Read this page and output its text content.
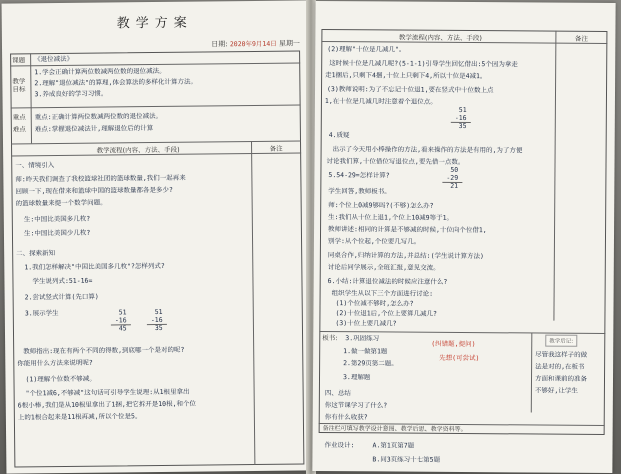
教学方案
日期: 2020年9月14日 星期一
课题 《退位减法》
教学目标
1.学会正确计算两位数减两位数的退位减法。
2.理解"退位减法"的算理,体会算法的多样化计算方法。
3.养成良好的学习习惯。
重点
难点
重点:正确计算两位数减两位数的退位减法。
难点:掌握退位减法计,理解退位后的计算
教学流程(内容、方法、手段)	备注
一、情境引入
师:昨天我们调查了我校篮球社团的篮球数量,我们一起再来
回顾一下,现在借来和篮球中国的篮球数量都各是多少?
的篮球数量来提一个数学问题。
生:中国比美国多几枚?
生:中国比美国少几枚?
二、探索新知
1.我们怎样解决"中国比美国多几枚"?怎样列式?
学生说列式:51-16=
2.尝试竖式计算(先口算)
3.展示学生	51
-16
45
51
-16
35
教师指出:现在有两个不同的得数,到底哪一个是对的呢?
你能用什么方法来说明呢?
(1)理解个位数不够减。
"个位1减6,不够减"这句话可引导学生说理:从1根里拿出
6根小棒,我们是从10根里拿出了1捆,把它拆开是10根,和个位
上的1根合起来是11根再减,所以个位是5。
教学流程(内容、方法、手段)	备注
(2)理解"十位是几减几"。
这时候十位是几减几呢?(5-1-1)引导学生回忆借出:5个因为拿走
走1捆后,只剩下4捆,十位上只剩下4,所以十位是4减1。
(3)教师说明:为了不忘记十位退1,要在竖式中十位数上点
1,在十位是几减几时注意着个退位点。
51
-16
35
4.质疑
出示了今天用小棒操作的方法,看来操作的方法是有用的,为了方便
讨论我们算,十位借位写退位点,要先借一点数。
5.54-29=怎样计算?
50
-29
21
学生回答,教师板书。
师:个位上0减9够吗?(不够)怎么办?
生:我们从十位上退1,个位上10减9等于1。
教师讲述:相同的计算是不够减的时候,十位向个位借1,
别学:从个位起,个位要几写几。
同桌合作,归纳计算的方法,并总结:(学生说计算方法)
讨论后同学展示,全班汇报,意见交流。
6.小结:计算退位减法的时候应注意什么?
组织学生从以下三个方面进行讨论:
(1)个位减不够时,怎么办?
(2)十位退1后,个位上要算几减几?
(3)十位上要几减几?
板书: 3.巩固练习
1.做一做第1题
2.第29页第二题。
3.理解题
(纠错题,提问)
先想(可尝试)
教学后记:
尽管我这样子的做
法是对的,在板书
方面和课前的准备
不够好,让学生
四、总结
你这节课学习了什么?
你有什么收获?
备注栏可填写教学设计意图、教学后思、教学资料等。
作业设计:	A.第1页第7题
B.同3页练习十七第5题
